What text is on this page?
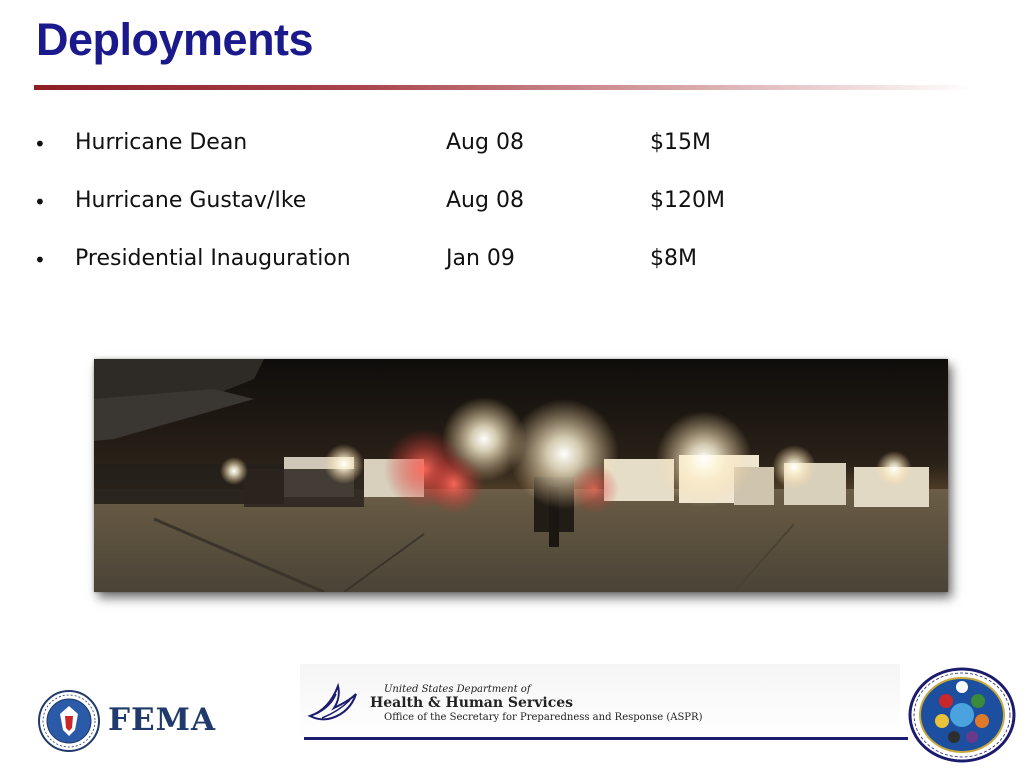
Deployments
• Hurricane Dean	Aug 08	$15M
• Hurricane Gustav/Ike	Aug 08	$120M
• Presidential Inauguration	Jan 09	$8M
FEMA
United States Department of
Health & Human Services
Office of the Secretary for Preparedness and Response (ASPR)
